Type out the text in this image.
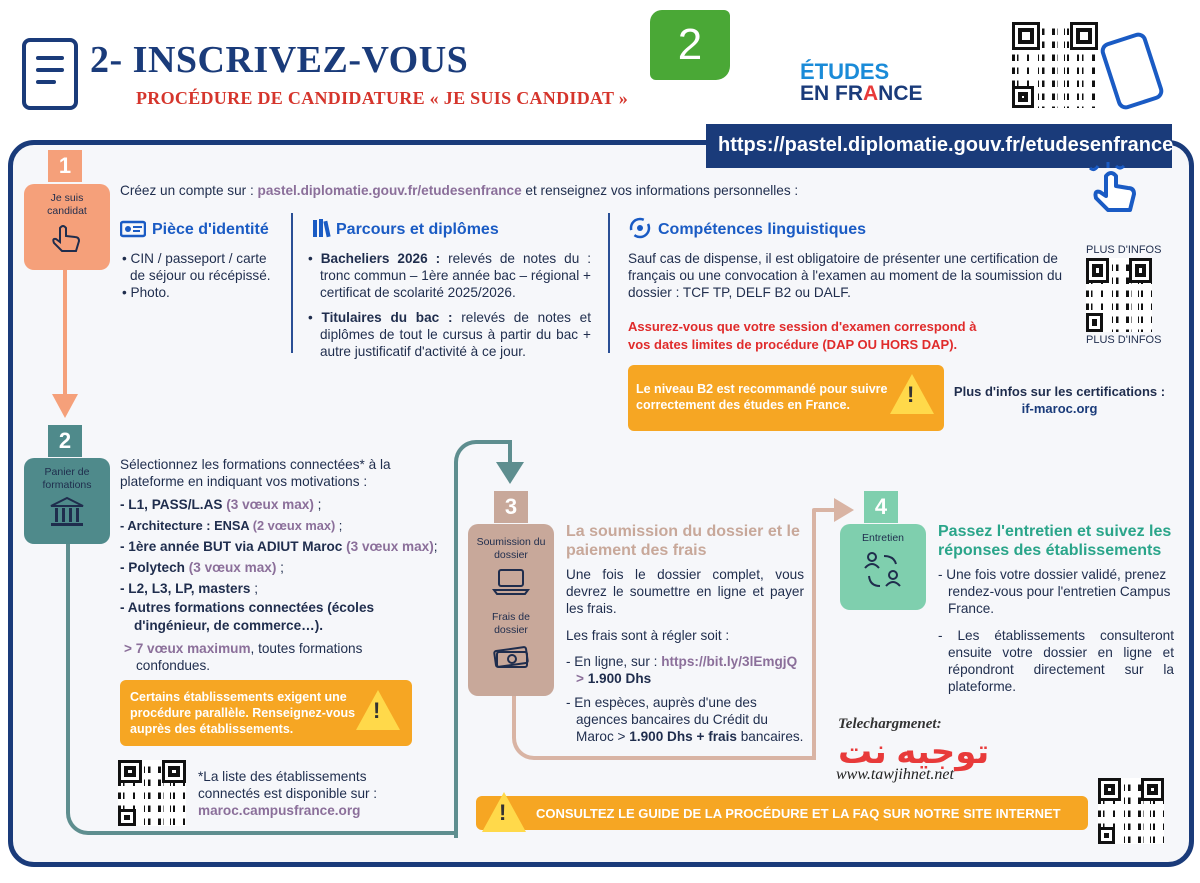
2- INSCRIVEZ-VOUS
PROCÉDURE DE CANDIDATURE « JE SUIS CANDIDAT »
2
ÉTUDES
EN FRANCE
https://pastel.diplomatie.gouv.fr/etudesenfrance
1
Je suis candidat
Créez un compte sur : pastel.diplomatie.gouv.fr/etudesenfrance et renseignez vos informations personnelles :
Pièce d'identité
• CIN / passeport / carte de séjour ou récépissé.
• Photo.
Parcours et diplômes
• Bacheliers 2026 : relevés de notes du : tronc commun – 1ère année bac – régional + certificat de scolarité 2025/2026.
• Titulaires du bac : relevés de notes et diplômes de tout le cursus à partir du bac + autre justificatif d'activité à ce jour.
Compétences linguistiques
Sauf cas de dispense, il est obligatoire de présenter une certification de français ou une convocation à l'examen au moment de la soumission du dossier : TCF TP, DELF B2 ou DALF.
Assurez-vous que votre session d'examen correspond à vos dates limites de procédure (DAP OU HORS DAP).
PLUS D'INFOS
PLUS D'INFOS
Le niveau B2 est recommandé pour suivre correctement des études en France.	!	Plus d'infos sur les certifications :
if-maroc.org
2
Panier de formations
Sélectionnez les formations connectées* à la plateforme en indiquant vos motivations :
- L1, PASS/L.AS (3 vœux max) ;
- Architecture : ENSA (2 vœux max) ;
- 1ère année BUT via ADIUT Maroc (3 vœux max);
- Polytech (3 vœux max) ;
- L2, L3, LP, masters ;
- Autres formations connectées (écoles d'ingénieur, de commerce…).
> 7 vœux maximum, toutes formations confondues.
Certains établissements exigent une procédure parallèle. Renseignez-vous auprès des établissements.
!
*La liste des établissements connectés est disponible sur :
maroc.campusfrance.org
3
Soumission du dossier
Frais de dossier
La soumission du dossier et le paiement des frais
Une fois le dossier complet, vous devrez le soumettre en ligne et payer les frais.
Les frais sont à régler soit :
- En ligne, sur : https://bit.ly/3lEmgjQ
> 1.900 Dhs
- En espèces, auprès d'une des agences bancaires du Crédit du Maroc > 1.900 Dhs + frais bancaires.
4
Entretien	Passez l'entretien et suivez les réponses des établissements
- Une fois votre dossier validé, prenez rendez-vous pour l'entretien Campus France.
- Les établissements consulteront ensuite votre dossier en ligne et répondront directement sur la plateforme.
Telechargmenet:
توجيه نت
www.tawjihnet.net
CONSULTEZ LE GUIDE DE LA PROCÉDURE ET LA FAQ SUR NOTRE SITE INTERNET
!
